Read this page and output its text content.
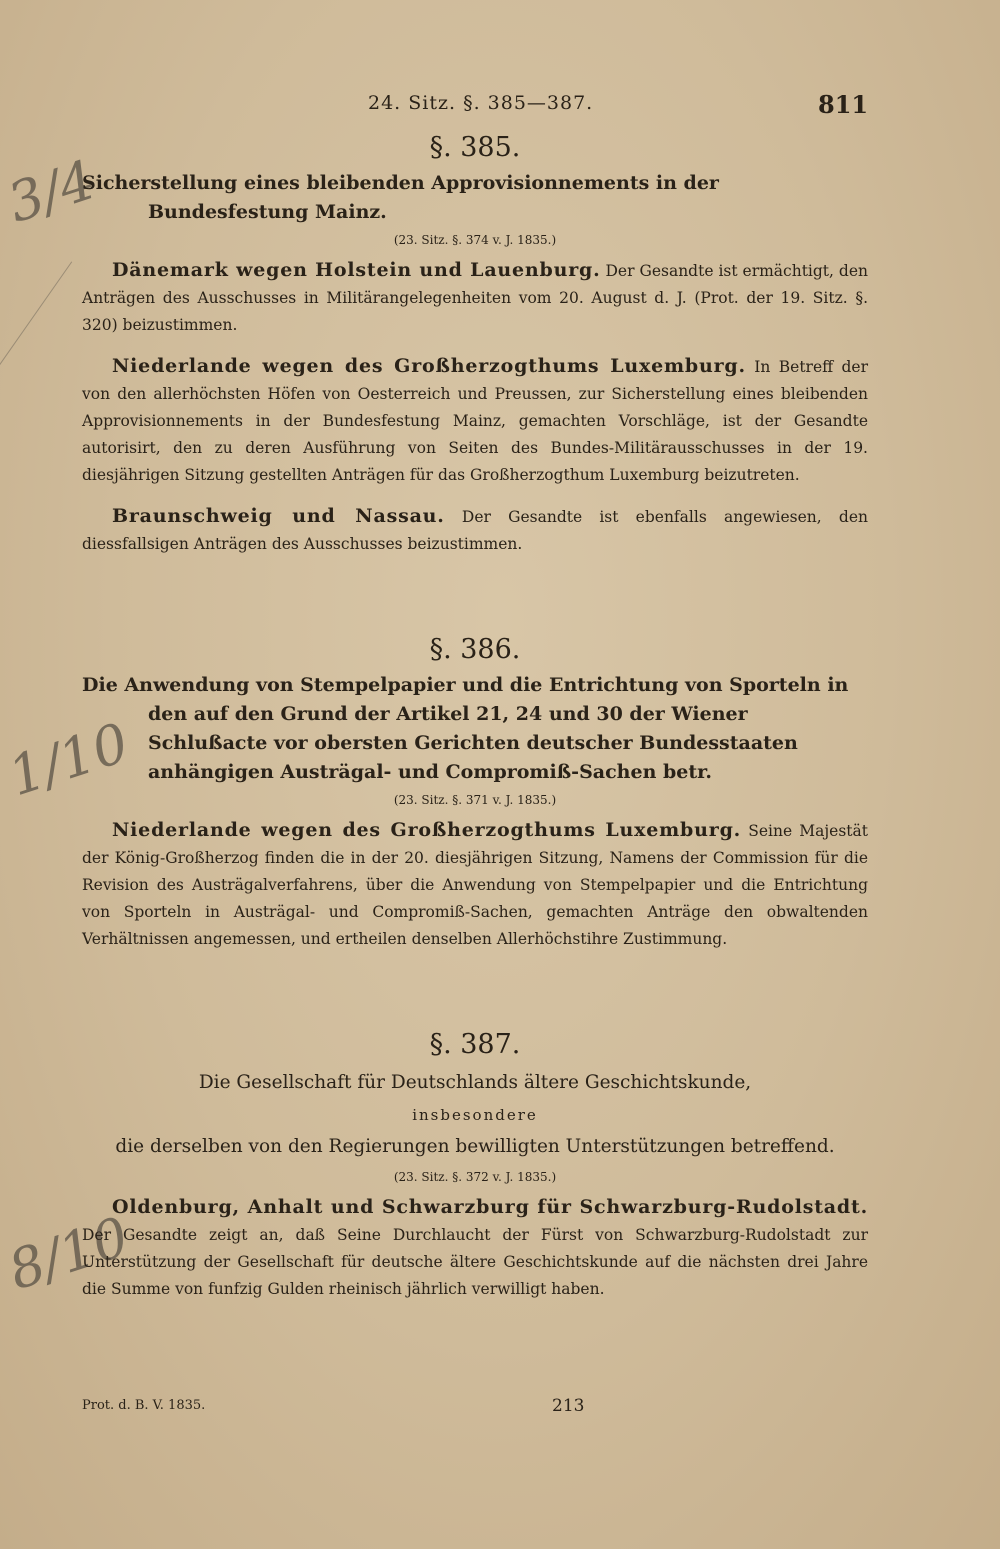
24. Sitz. §. 385—387.	811
3/4
1/10
8/10
§. 385.
Sicherstellung eines bleibenden Approvisionnements in der Bundesfestung Mainz.
(23. Sitz. §. 374 v. J. 1835.)

Dänemark wegen Holstein und Lauenburg. Der Gesandte ist ermächtigt, den Anträgen des Ausschusses in Militärangelegenheiten vom 20. August d. J. (Prot. der 19. Sitz. §. 320) beizustimmen.

Niederlande wegen des Großherzogthums Luxemburg. In Betreff der von den allerhöchsten Höfen von Oesterreich und Preussen, zur Sicherstellung eines bleibenden Approvisionnements in der Bundesfestung Mainz, gemachten Vorschläge, ist der Gesandte autorisirt, den zu deren Ausführung von Seiten des Bundes-Militärausschusses in der 19. diesjährigen Sitzung gestellten Anträgen für das Großherzogthum Luxemburg beizutreten.

Braunschweig und Nassau. Der Gesandte ist ebenfalls angewiesen, den diessfallsigen Anträgen des Ausschusses beizustimmen.

§. 386.
Die Anwendung von Stempelpapier und die Entrichtung von Sporteln in den auf den Grund der Artikel 21, 24 und 30 der Wiener Schlußacte vor obersten Gerichten deutscher Bundesstaaten anhängigen Austrägal- und Compromiß-Sachen betr.
(23. Sitz. §. 371 v. J. 1835.)

Niederlande wegen des Großherzogthums Luxemburg. Seine Majestät der König-Großherzog finden die in der 20. diesjährigen Sitzung, Namens der Commission für die Revision des Austrägalverfahrens, über die Anwendung von Stempelpapier und die Entrichtung von Sporteln in Austrägal- und Compromiß-Sachen, gemachten Anträge den obwaltenden Verhältnissen angemessen, und ertheilen denselben Allerhöchstihre Zustimmung.

§. 387.
Die Gesellschaft für Deutschlands ältere Geschichtskunde,
insbesondere
die derselben von den Regierungen bewilligten Unterstützungen betreffend.
(23. Sitz. §. 372 v. J. 1835.)

Oldenburg, Anhalt und Schwarzburg für Schwarzburg-Rudolstadt. Der Gesandte zeigt an, daß Seine Durchlaucht der Fürst von Schwarzburg-Rudolstadt zur Unterstützung der Gesellschaft für deutsche ältere Geschichtskunde auf die nächsten drei Jahre die Summe von funfzig Gulden rheinisch jährlich verwilligt haben.

Prot. d. B. V. 1835.	213
